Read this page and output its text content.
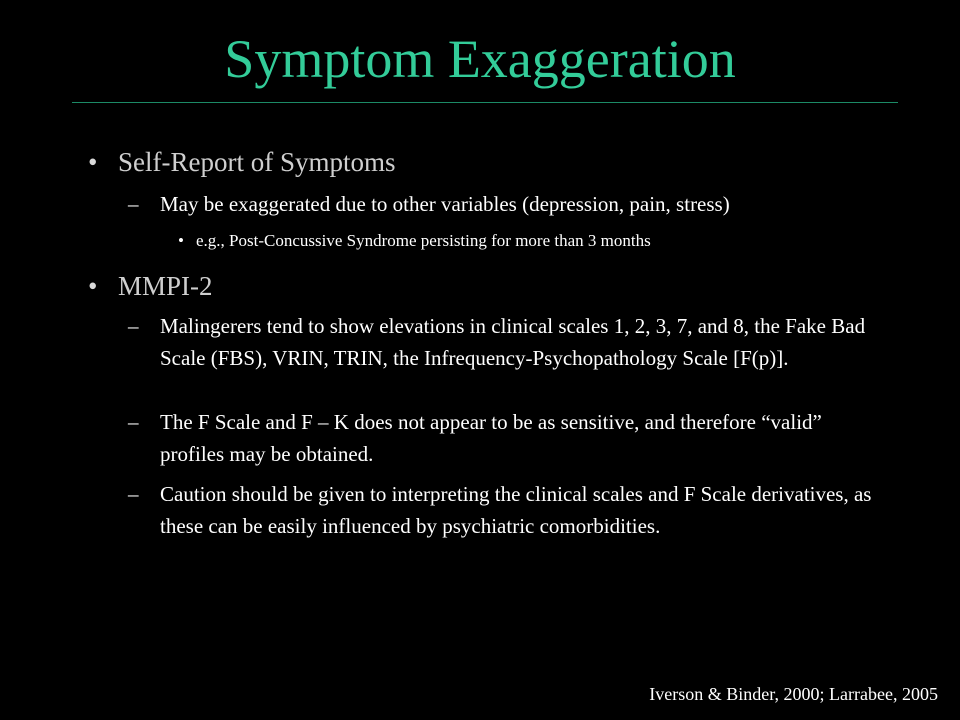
Symptom Exaggeration
• Self-Report of Symptoms
– May be exaggerated due to other variables (depression, pain, stress)
• e.g., Post-Concussive Syndrome persisting for more than 3 months
• MMPI-2
– Malingerers tend to show elevations in clinical scales 1, 2, 3, 7, and 8, the Fake Bad Scale (FBS), VRIN, TRIN, the Infrequency-Psychopathology Scale [F(p)].
– The F Scale and F – K does not appear to be as sensitive, and therefore “valid” profiles may be obtained.
– Caution should be given to interpreting the clinical scales and F Scale derivatives, as these can be easily influenced by psychiatric comorbidities.
Iverson & Binder, 2000; Larrabee, 2005
